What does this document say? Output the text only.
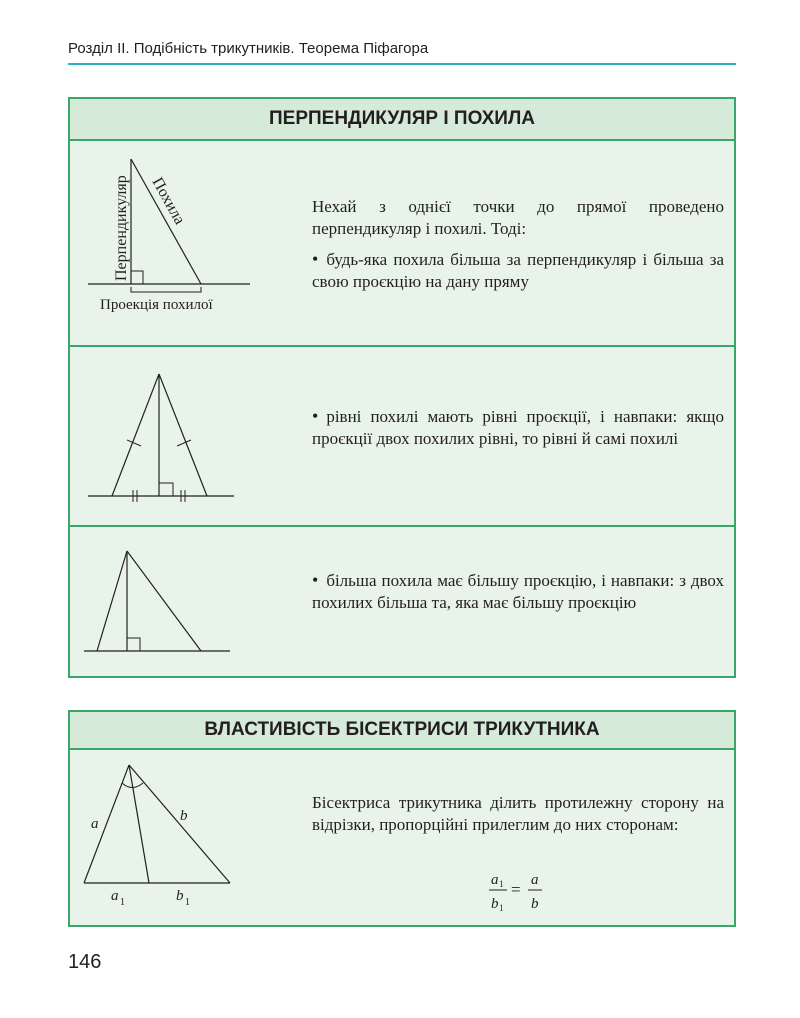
Розділ ІІ. Подібність трикутників. Теорема Піфагора
ПЕРПЕНДИКУЛЯР І ПОХИЛА
Перпендикуляр Похила
Проекція похилої

Нехай з однієї точки до прямої проведено перпендикуляр і похилі. Тоді:

• будь-яка похила більша за перпендикуляр і більша за свою проєкцію на дану пряму

• рівні похилі мають рівні проєкції, і навпаки: якщо проєкції двох похилих рівні, то рівні й самі похилі

• більша похила має більшу проєкцію, і навпаки: з двох похилих більша та, яка має більшу проєкцію

ВЛАСТИВІСТЬ БІСЕКТРИСИ ТРИКУТНИКА
a	b
a 1	b 1

Бісектриса трикутника ділить протилежну сторону на відрізки, пропорційні прилеглим до них сторонам:

a 1
b 1
= a
b
146
